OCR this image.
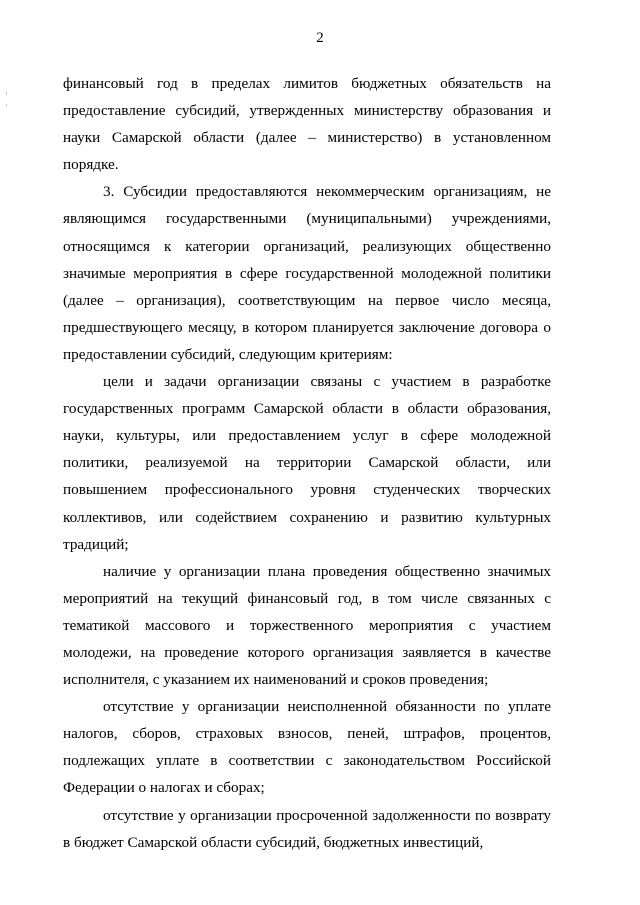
2

финансовый год в пределах лимитов бюджетных обязательств на предоставление субсидий, утвержденных министерству образования и науки Самарской области (далее – министерство) в установленном порядке.

3. Субсидии предоставляются некоммерческим организациям, не являющимся государственными (муниципальными) учреждениями, относящимся к категории организаций, реализующих общественно значимые мероприятия в сфере государственной молодежной политики (далее – организация), соответствующим на первое число месяца, предшествующего месяцу, в котором планируется заключение договора о предоставлении субсидий, следующим критериям:

цели и задачи организации связаны с участием в разработке государственных программ Самарской области в области образования, науки, культуры, или предоставлением услуг в сфере молодежной политики, реализуемой на территории Самарской области, или повышением профессионального уровня студенческих творческих коллективов, или содействием сохранению и развитию культурных традиций;

наличие у организации плана проведения общественно значимых мероприятий на текущий финансовый год, в том числе связанных с тематикой массового и торжественного мероприятия с участием молодежи, на проведение которого организация заявляется в качестве исполнителя, с указанием их наименований и сроков проведения;

отсутствие у организации неисполненной обязанности по уплате налогов, сборов, страховых взносов, пеней, штрафов, процентов, подлежащих уплате в соответствии с законодательством Российской Федерации о налогах и сборах;

отсутствие у организации просроченной задолженности по возврату в бюджет Самарской области субсидий, бюджетных инвестиций,
